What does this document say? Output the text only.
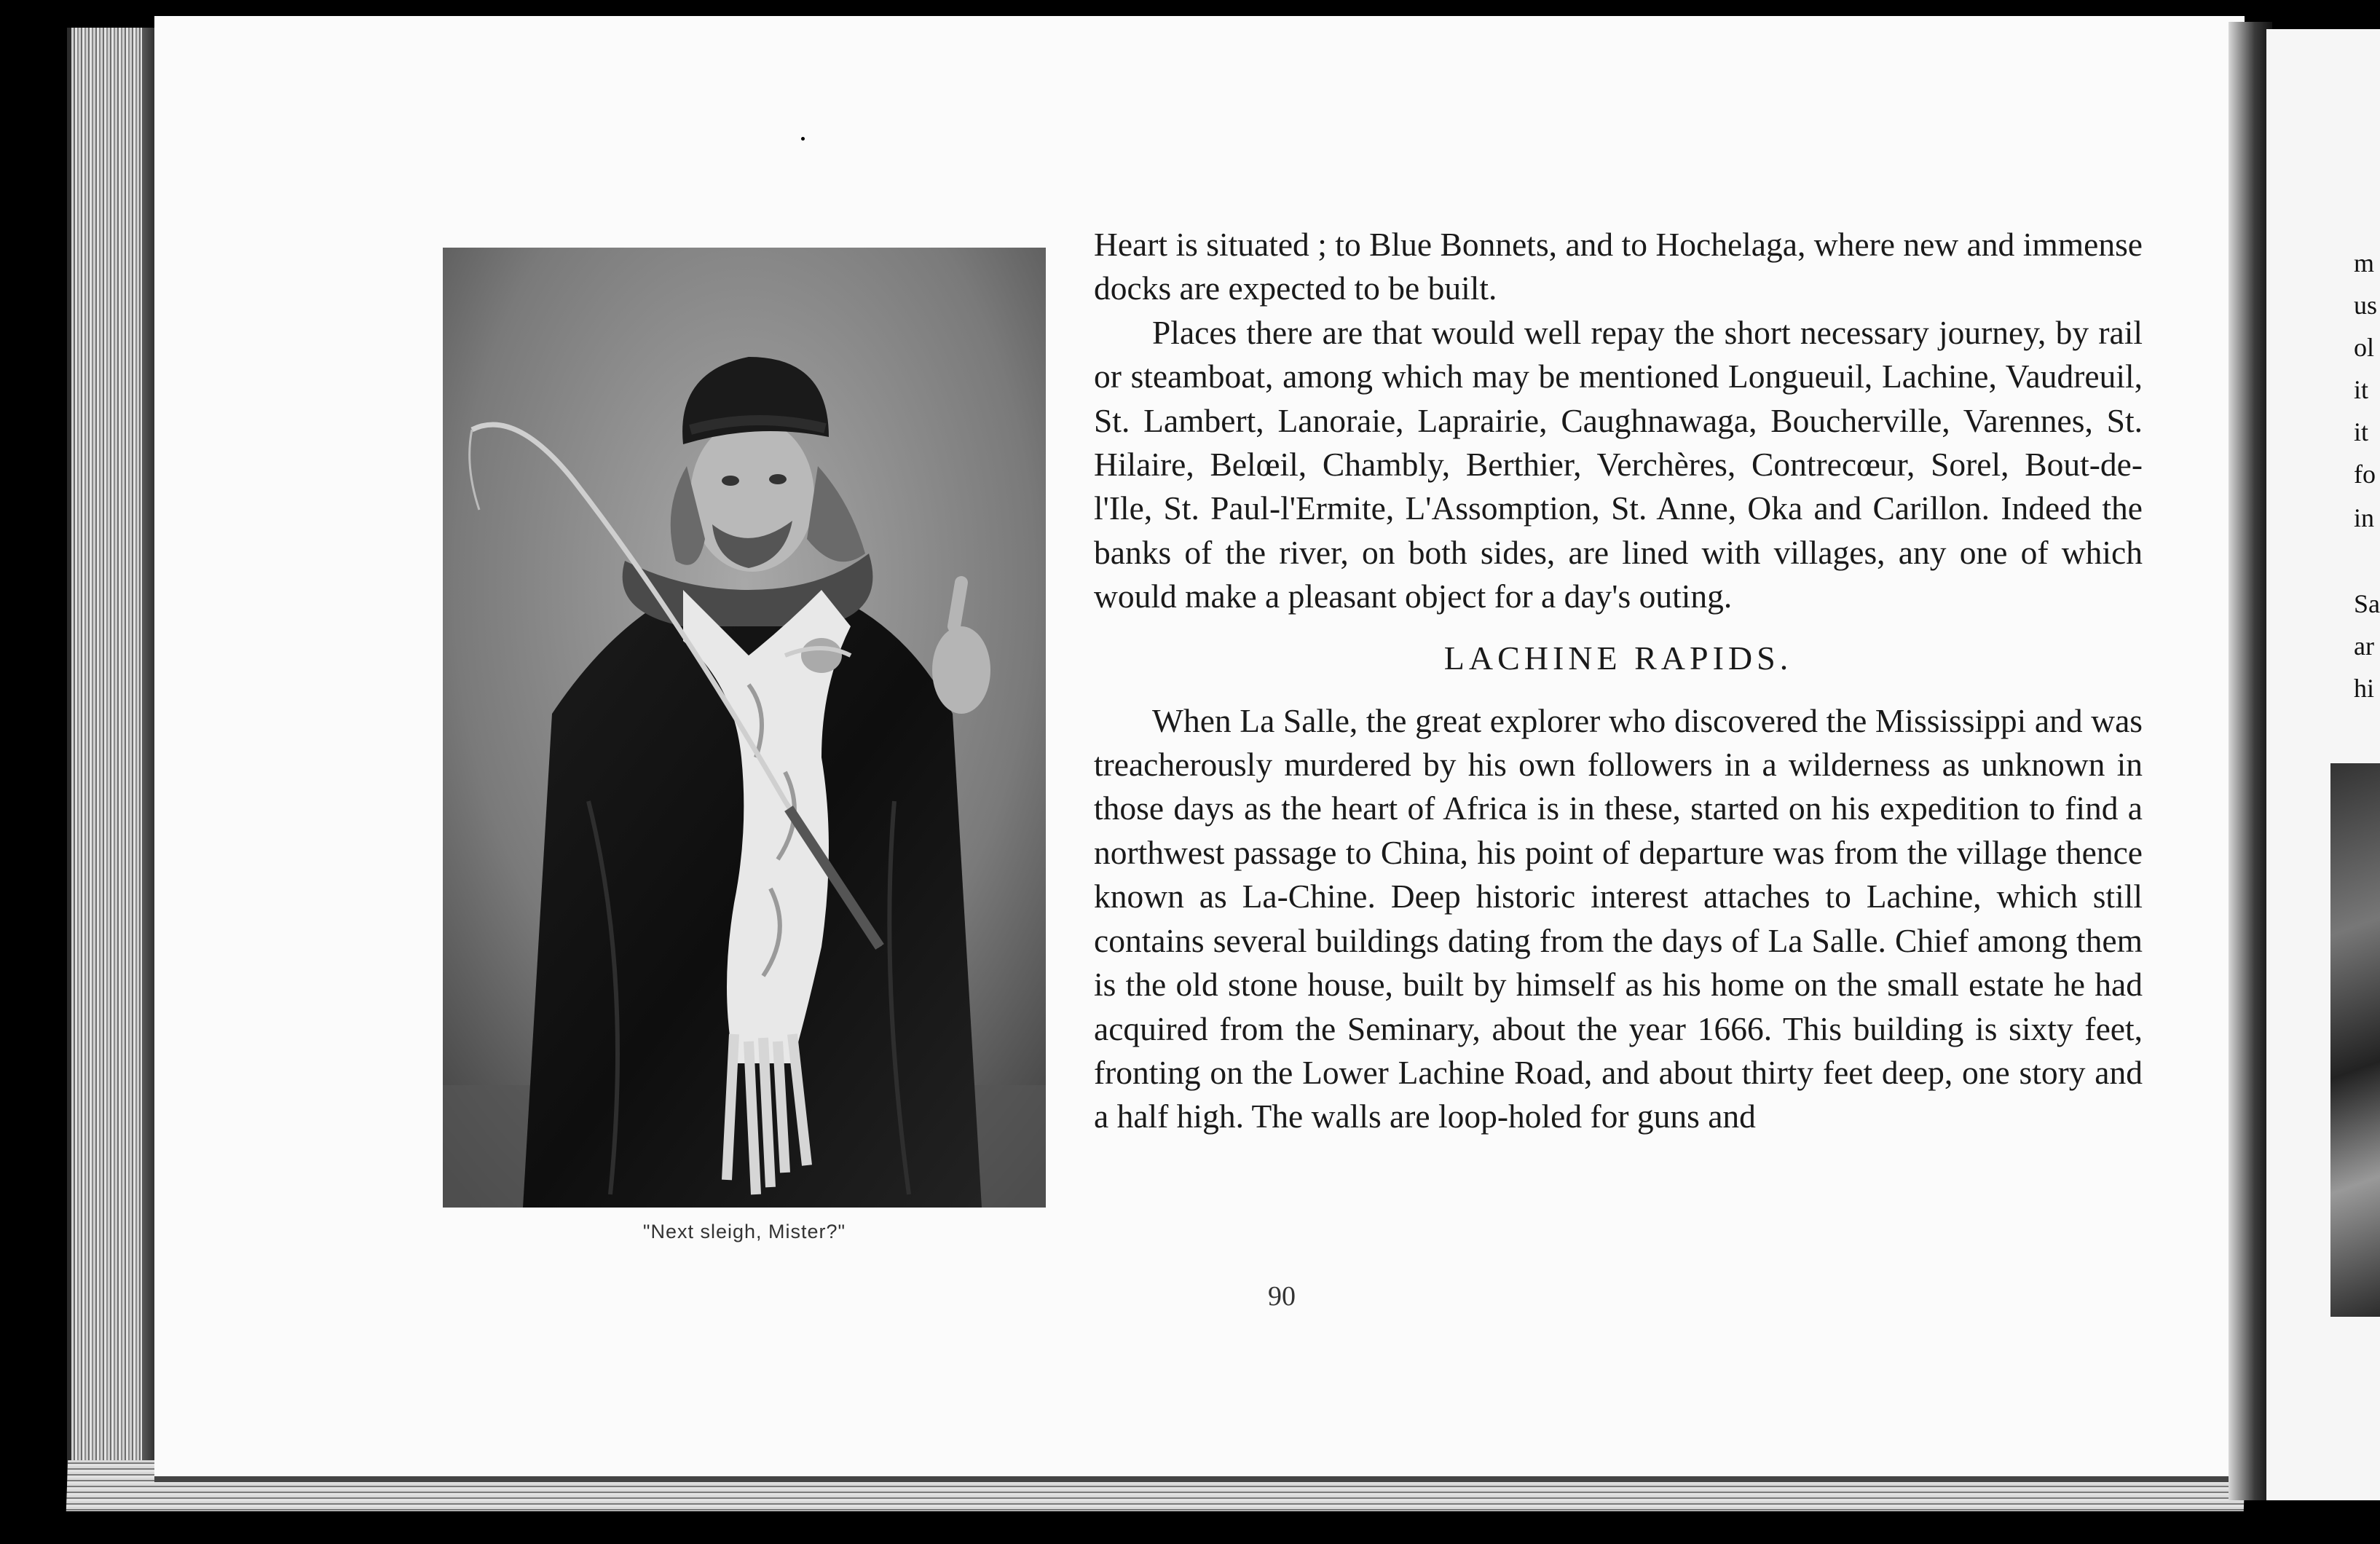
m
us
ol
it
it
fo
in
Sa
ar
hi
"Next sleigh, Mister?"

Heart is situated ; to Blue Bonnets, and to Hochelaga, where new and immense docks are expected to be built.

Places there are that would well repay the short necessary journey, by rail or steamboat, among which may be mentioned Longueuil, Lachine, Vaudreuil, St. Lambert, Lanoraie, Laprairie, Caughnawaga, Boucherville, Varennes, St. Hilaire, Belœil, Chambly, Berthier, Verchères, Contrecœur, Sorel, Bout-de-l'Ile, St. Paul-l'Ermite, L'Assomption, St. Anne, Oka and Carillon. Indeed the banks of the river, on both sides, are lined with villages, any one of which would make a pleasant object for a day's outing.

LACHINE RAPIDS.

When La Salle, the great explorer who discovered the Mississippi and was treacherously murdered by his own followers in a wilderness as unknown in those days as the heart of Africa is in these, started on his expedition to find a northwest passage to China, his point of departure was from the village thence known as La-Chine. Deep historic interest attaches to Lachine, which still contains several buildings dating from the days of La Salle. Chief among them is the old stone house, built by himself as his home on the small estate he had acquired from the Seminary, about the year 1666. This building is sixty feet, fronting on the Lower Lachine Road, and about thirty feet deep, one story and a half high. The walls are loop-holed for guns and

90
